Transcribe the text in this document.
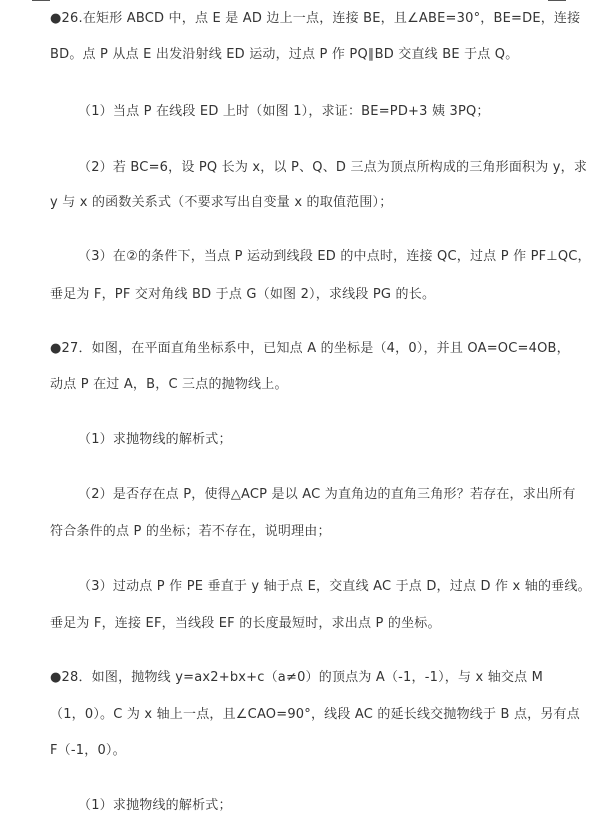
●26.在矩形 ABCD 中，点 E 是 AD 边上一点，连接 BE，且∠ABE=30°，BE=DE，连接
BD。点 P 从点 E 出发沿射线 ED 运动，过点 P 作 PQ∥BD 交直线 BE 于点 Q。
（1）当点 P 在线段 ED 上时（如图 1），求证：BE=PD+3 姨 3PQ；
（2）若 BC=6，设 PQ 长为 x，以 P、Q、D 三点为顶点所构成的三角形面积为 y，求
y 与 x 的函数关系式（不要求写出自变量 x 的取值范围）；
（3）在②的条件下，当点 P 运动到线段 ED 的中点时，连接 QC，过点 P 作 PF⊥QC，
垂足为 F，PF 交对角线 BD 于点 G（如图 2），求线段 PG 的长。
●27．如图，在平面直角坐标系中，已知点 A 的坐标是（4，0），并且 OA=OC=4OB，
动点 P 在过 A，B，C 三点的抛物线上。
（1）求抛物线的解析式；
（2）是否存在点 P，使得△ACP 是以 AC 为直角边的直角三角形？若存在，求出所有
符合条件的点 P 的坐标；若不存在，说明理由；
（3）过动点 P 作 PE 垂直于 y 轴于点 E，交直线 AC 于点 D，过点 D 作 x 轴的垂线。
垂足为 F，连接 EF，当线段 EF 的长度最短时，求出点 P 的坐标。
●28．如图，抛物线 y=ax2+bx+c（a≠0）的顶点为 A（-1，-1），与 x 轴交点 M
（1，0）。C 为 x 轴上一点，且∠CAO=90°，线段 AC 的延长线交抛物线于 B 点，另有点
F（-1，0）。
（1）求抛物线的解析式；
